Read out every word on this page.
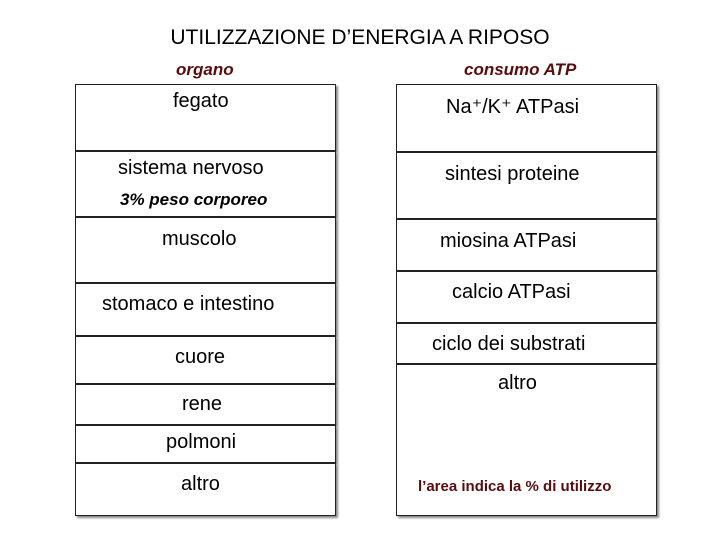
UTILIZZAZIONE D’ENERGIA A RIPOSO
organo	consumo ATP
fegato
sistema nervoso
3% peso corporeo
muscolo
stomaco e intestino
cuore
rene
polmoni
altro
Na⁺/K⁺ ATPasi
sintesi proteine
miosina ATPasi
calcio ATPasi
ciclo dei substrati
altro
l’area indica la % di utilizzo
